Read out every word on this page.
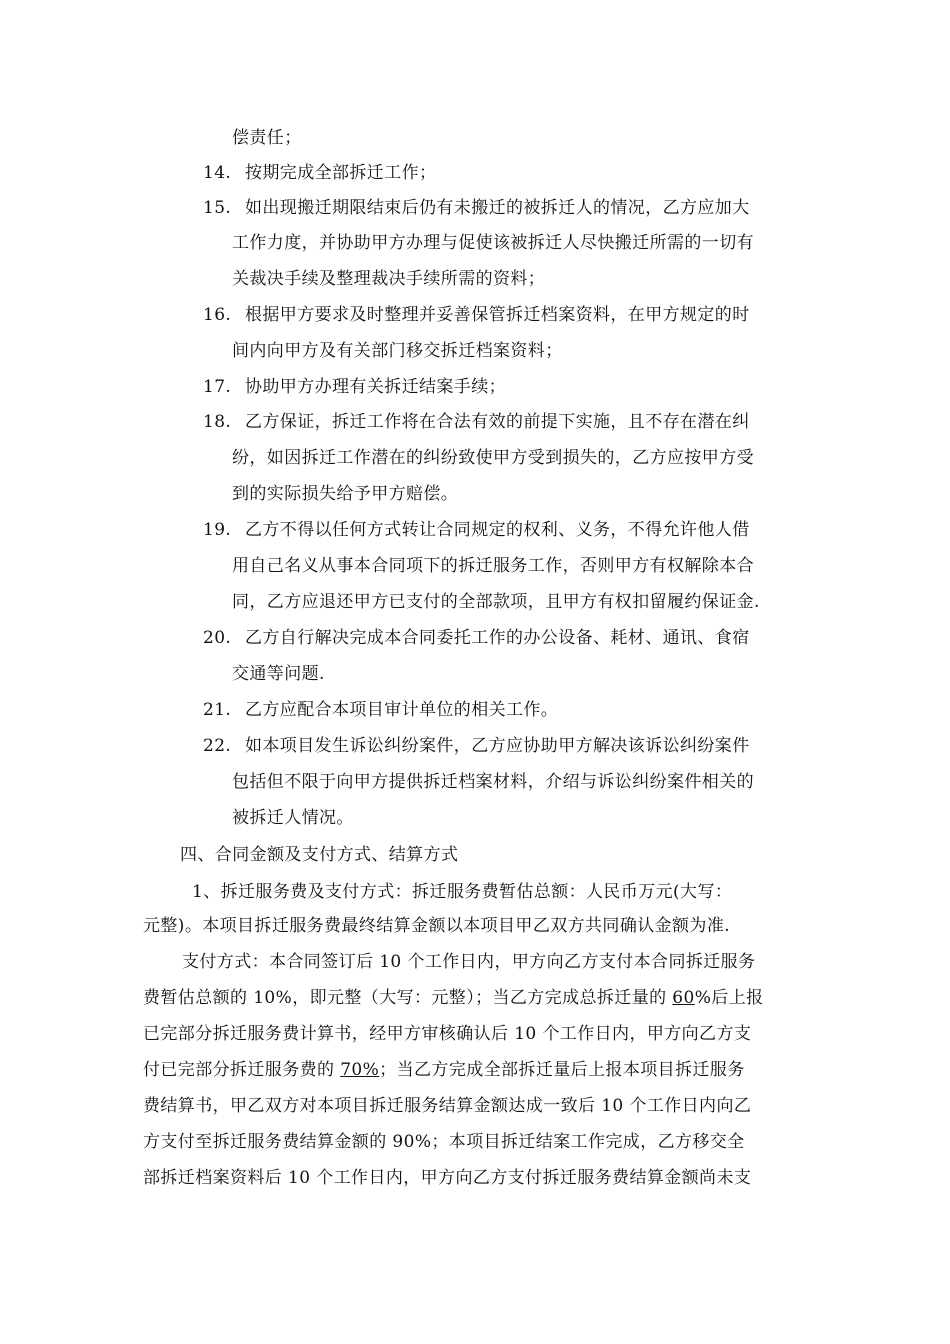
偿责任；
14. 按期完成全部拆迁工作；
15. 如出现搬迁期限结束后仍有未搬迁的被拆迁人的情况，乙方应加大
工作力度，并协助甲方办理与促使该被拆迁人尽快搬迁所需的一切有
关裁决手续及整理裁决手续所需的资料；
16. 根据甲方要求及时整理并妥善保管拆迁档案资料，在甲方规定的时
间内向甲方及有关部门移交拆迁档案资料；
17. 协助甲方办理有关拆迁结案手续；
18. 乙方保证，拆迁工作将在合法有效的前提下实施，且不存在潜在纠
纷，如因拆迁工作潜在的纠纷致使甲方受到损失的，乙方应按甲方受
到的实际损失给予甲方赔偿。
19. 乙方不得以任何方式转让合同规定的权利、义务，不得允许他人借
用自己名义从事本合同项下的拆迁服务工作，否则甲方有权解除本合
同，乙方应退还甲方已支付的全部款项，且甲方有权扣留履约保证金.
20. 乙方自行解决完成本合同委托工作的办公设备、耗材、通讯、食宿
交通等问题.
21. 乙方应配合本项目审计单位的相关工作。
22. 如本项目发生诉讼纠纷案件，乙方应协助甲方解决该诉讼纠纷案件
包括但不限于向甲方提供拆迁档案材料，介绍与诉讼纠纷案件相关的
被拆迁人情况。
四、合同金额及支付方式、结算方式
1、拆迁服务费及支付方式：拆迁服务费暂估总额：人民币万元(大写：
元整)。本项目拆迁服务费最终结算金额以本项目甲乙双方共同确认金额为准.
支付方式：本合同签订后 10 个工作日内，甲方向乙方支付本合同拆迁服务
费暂估总额的 10%，即元整（大写：元整）；当乙方完成总拆迁量的 60%后上报
已完部分拆迁服务费计算书，经甲方审核确认后 10 个工作日内，甲方向乙方支
付已完部分拆迁服务费的 70%；当乙方完成全部拆迁量后上报本项目拆迁服务
费结算书，甲乙双方对本项目拆迁服务结算金额达成一致后 10 个工作日内向乙
方支付至拆迁服务费结算金额的 90%；本项目拆迁结案工作完成，乙方移交全
部拆迁档案资料后 10 个工作日内，甲方向乙方支付拆迁服务费结算金额尚未支
